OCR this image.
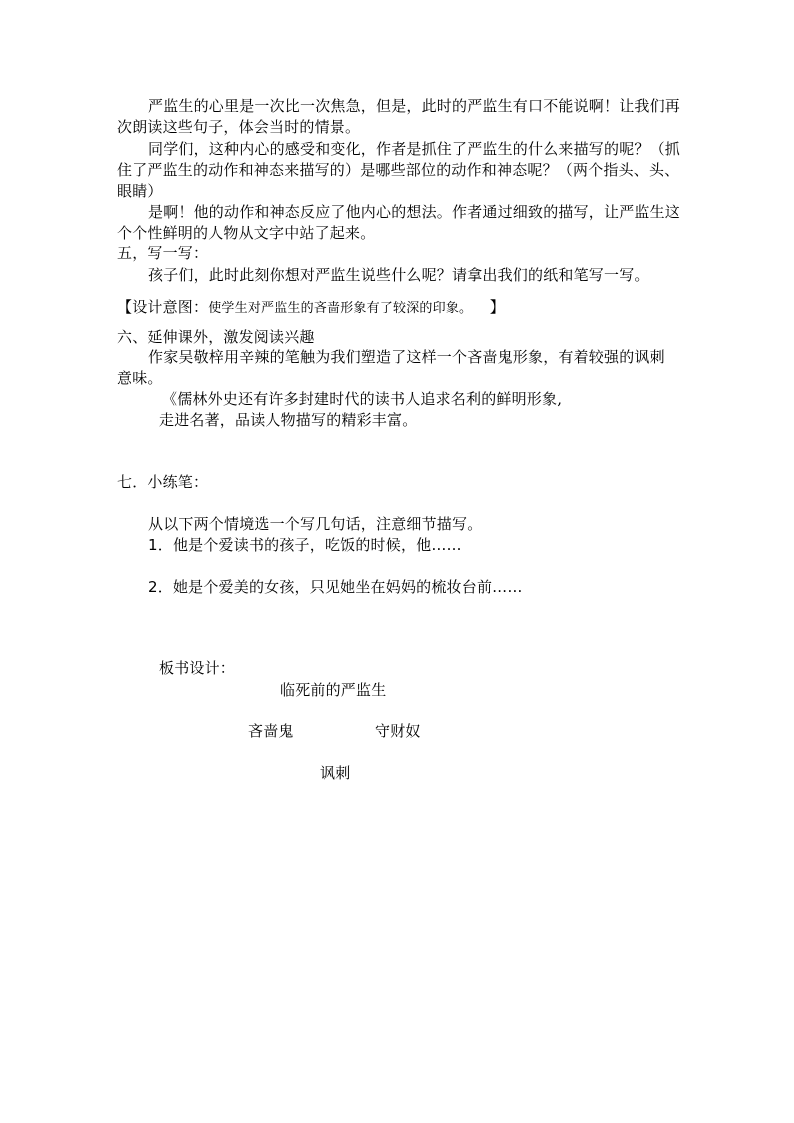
严监生的心里是一次比一次焦急，但是，此时的严监生有口不能说啊！让我们再
次朗读这些句子，体会当时的情景。
同学们，这种内心的感受和变化，作者是抓住了严监生的什么来描写的呢？（抓
住了严监生的动作和神态来描写的）是哪些部位的动作和神态呢？（两个指头、头、
眼睛）
是啊！他的动作和神态反应了他内心的想法。作者通过细致的描写，让严监生这
个个性鲜明的人物从文字中站了起来。
五，写一写：
孩子们，此时此刻你想对严监生说些什么呢？请拿出我们的纸和笔写一写。
【设计意图：使学生对严监生的吝啬形象有了较深的印象。 】
六、延伸课外，激发阅读兴趣
作家吴敬梓用辛辣的笔触为我们塑造了这样一个吝啬鬼形象，有着较强的讽刺
意味。
《儒林外史还有许多封建时代的读书人追求名利的鲜明形象,
走进名著，品读人物描写的精彩丰富。
七．小练笔：
从以下两个情境选一个写几句话，注意细节描写。
1．他是个爱读书的孩子，吃饭的时候，他……
2．她是个爱美的女孩，只见她坐在妈妈的梳妆台前……
板书设计：
临死前的严监生
吝啬鬼	守财奴
讽刺
